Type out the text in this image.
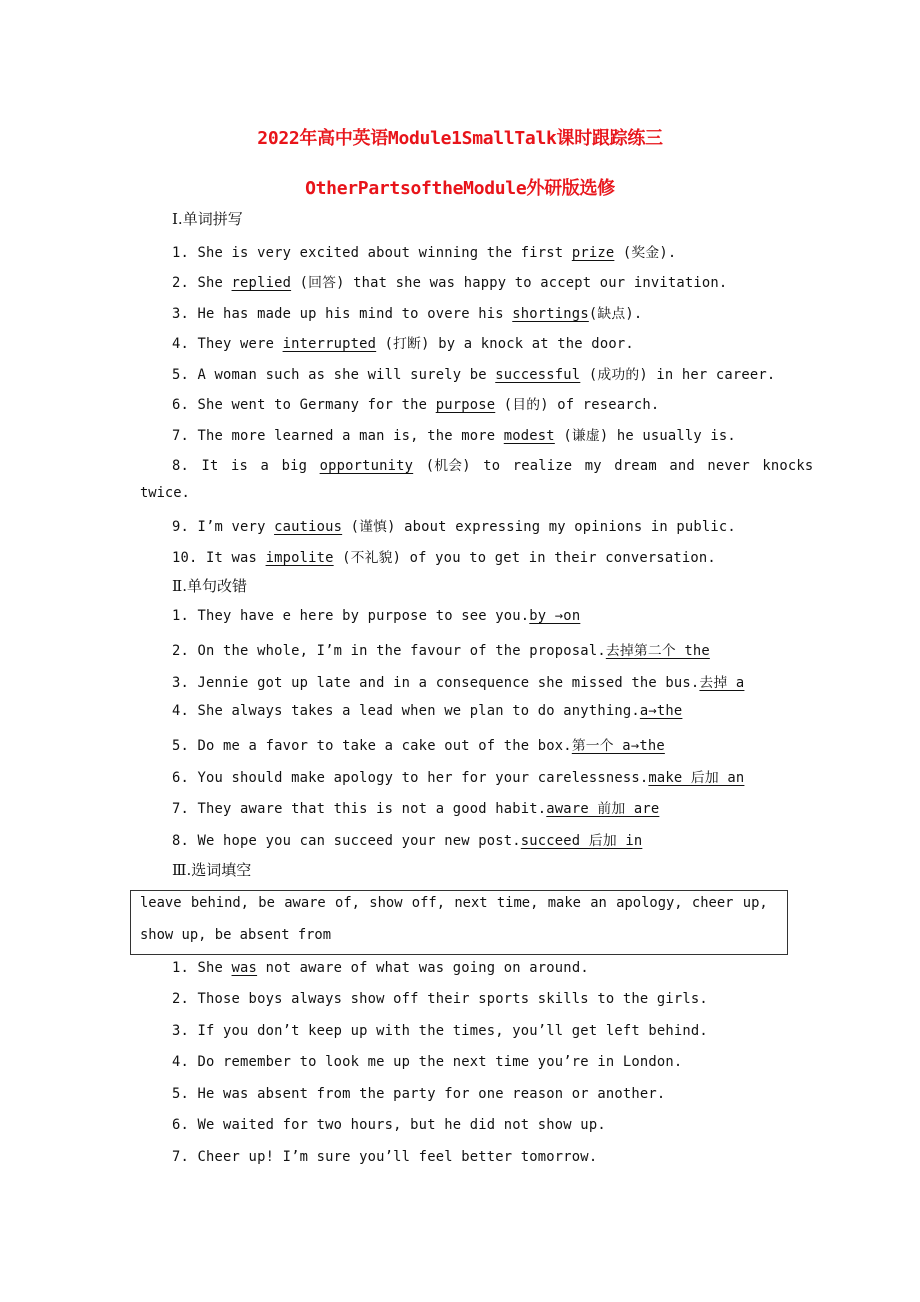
2022年高中英语Module1SmallTalk课时跟踪练三
OtherPartsoftheModule外研版选修
Ⅰ.单词拼写
1. She is very excited about winning the first prize (奖金).
2. She replied (回答) that she was happy to accept our invitation.
3. He has made up his mind to overe his shortings(缺点).
4. They were interrupted (打断) by a knock at the door.
5. A woman such as she will surely be successful (成功的) in her career.
6. She went to Germany for the purpose (目的) of research.
7. The more learned a man is, the more modest (谦虚) he usually is.
8. It is a big opportunity (机会) to realize my dream and never knocks
twice.
9. I’m very cautious (谨慎) about expressing my opinions in public.
10. It was impolite (不礼貌) of you to get in their conversation.
Ⅱ.单句改错
1. They have e here by purpose to see you.by →on
2. On the whole, I’m in the favour of the proposal.去掉第二个 the
3. Jennie got up late and in a consequence she missed the bus.去掉 a
4. She always takes a lead when we plan to do anything.a→the
5. Do me a favor to take a cake out of the box.第一个 a→the
6. You should make apology to her for your carelessness.make 后加 an
7. They aware that this is not a good habit.aware 前加 are
8. We hope you can succeed your new post.succeed 后加 in
Ⅲ.选词填空
leave behind, be aware of, show off, next time, make an apology, cheer up,
show up, be absent from
1. She was not aware of what was going on around.
2. Those boys always show off their sports skills to the girls.
3. If you don’t keep up with the times, you’ll get left behind.
4. Do remember to look me up the next time you’re in London.
5. He was absent from the party for one reason or another.
6. We waited for two hours, but he did not show up.
7. Cheer up! I’m sure you’ll feel better tomorrow.
